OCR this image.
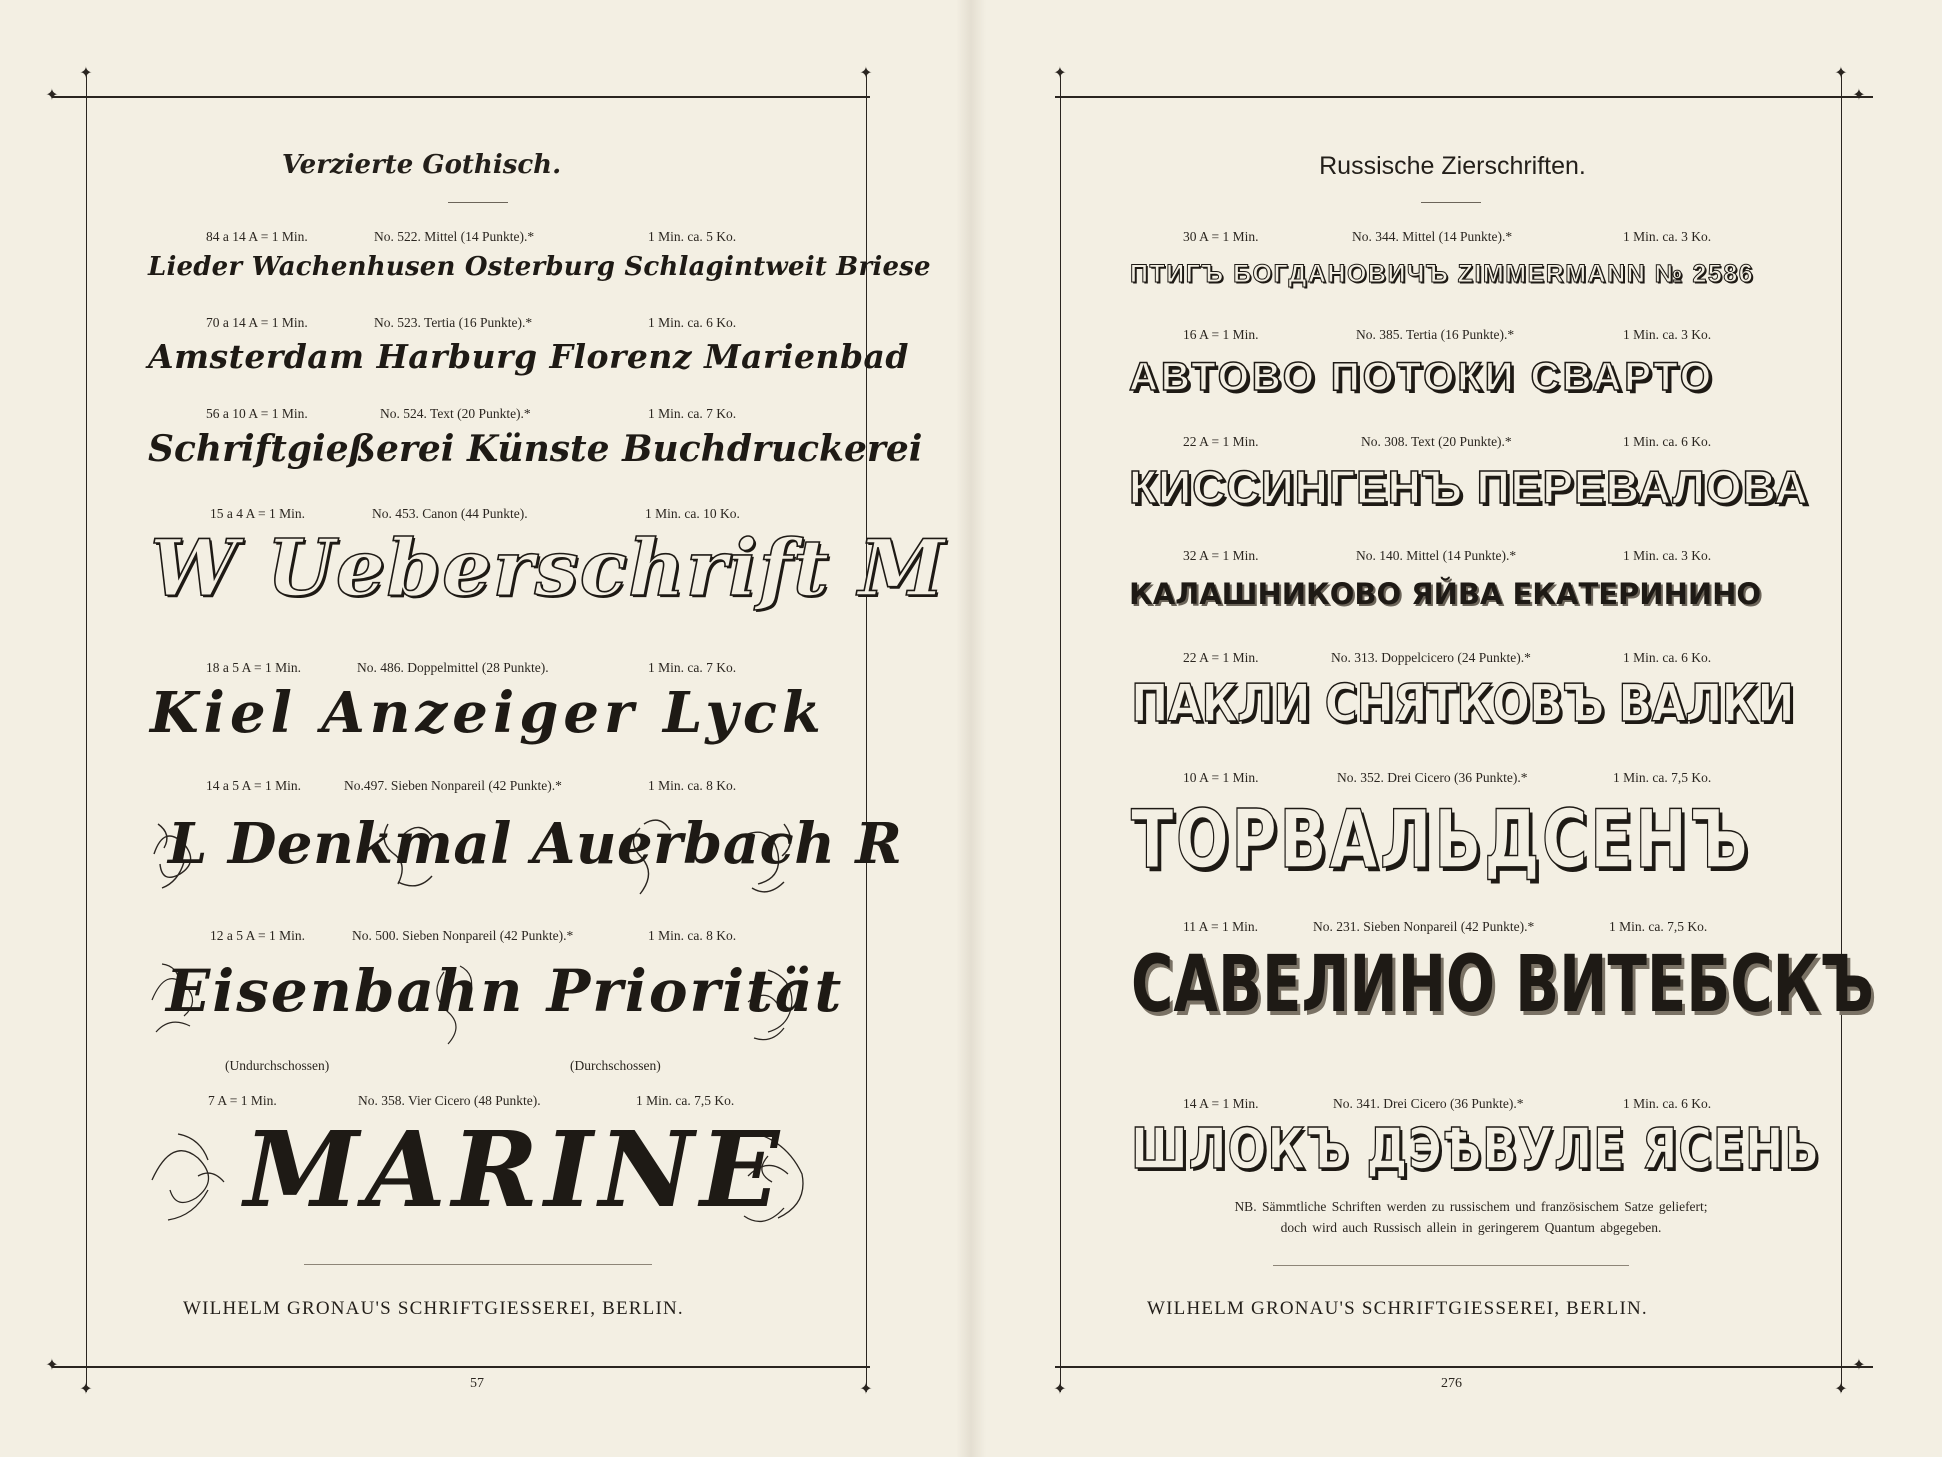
✦	✦
✦	✦
✦
✦
Verzierte Gothisch.
84 a 14 A = 1 Min.	No. 522. Mittel (14 Punkte).*	1 Min. ca. 5 Ko.
Lieder Wachenhusen Osterburg Schlagintweit Briese
70 a 14 A = 1 Min.	No. 523. Tertia (16 Punkte).*	1 Min. ca. 6 Ko.
Amsterdam Harburg Florenz Marienbad
56 a 10 A = 1 Min.	No. 524. Text (20 Punkte).*	1 Min. ca. 7 Ko.
Schriftgießerei Künste Buchdruckerei
15 a 4 A = 1 Min.	No. 453. Canon (44 Punkte).	1 Min. ca. 10 Ko.
W Ueberschrift M
18 a 5 A = 1 Min.	No. 486. Doppelmittel (28 Punkte).	1 Min. ca. 7 Ko.
Kiel Anzeiger Lyck
14 a 5 A = 1 Min.	No.497. Sieben Nonpareil (42 Punkte).*	1 Min. ca. 8 Ko.
L Denkmal Auerbach R
12 a 5 A = 1 Min.	No. 500. Sieben Nonpareil (42 Punkte).*	1 Min. ca. 8 Ko.
Eisenbahn Priorität
(Undurchschossen)	(Durchschossen)
7 A = 1 Min.	No. 358. Vier Cicero (48 Punkte).	1 Min. ca. 7,5 Ko.
MARINE
WILHELM GRONAU'S SCHRIFTGIESSEREI, BERLIN.
57
✦	✦
✦	✦
✦
✦
Russische Zierschriften.
30 A = 1 Min.	No. 344. Mittel (14 Punkte).*	1 Min. ca. 3 Ko.
ПТИГЪ БОГДАНОВИЧЪ ZIMMERMANN № 2586
16 A = 1 Min.	No. 385. Tertia (16 Punkte).*	1 Min. ca. 3 Ko.
АВТОВО ПОТОКИ СВАРТО
22 A = 1 Min.	No. 308. Text (20 Punkte).*	1 Min. ca. 6 Ko.
КИССИНГЕНЪ ПЕРЕВАЛОВА
32 A = 1 Min.	No. 140. Mittel (14 Punkte).*	1 Min. ca. 3 Ko.
КАЛАШНИКОВО ЯЙВА ЕКАТЕРИНИНО
22 A = 1 Min.	No. 313. Doppelcicero (24 Punkte).*	1 Min. ca. 6 Ko.
ПАКЛИ СНЯТКОВЪ ВАЛКИ
10 A = 1 Min.	No. 352. Drei Cicero (36 Punkte).*	1 Min. ca. 7,5 Ko.
ТОРВАЛЬДСЕНЪ
11 A = 1 Min.	No. 231. Sieben Nonpareil (42 Punkte).*	1 Min. ca. 7,5 Ko.
САВЕЛИНО ВИТЕБСКЪ
14 A = 1 Min.	No. 341. Drei Cicero (36 Punkte).*	1 Min. ca. 6 Ko.
ШЛОКЪ ДЭѢВУЛЕ ЯСЕНЬ
NB. Sämmtliche Schriften werden zu russischem und französischem Satze geliefert;
doch wird auch Russisch allein in geringerem Quantum abgegeben.
WILHELM GRONAU'S SCHRIFTGIESSEREI, BERLIN.
276
